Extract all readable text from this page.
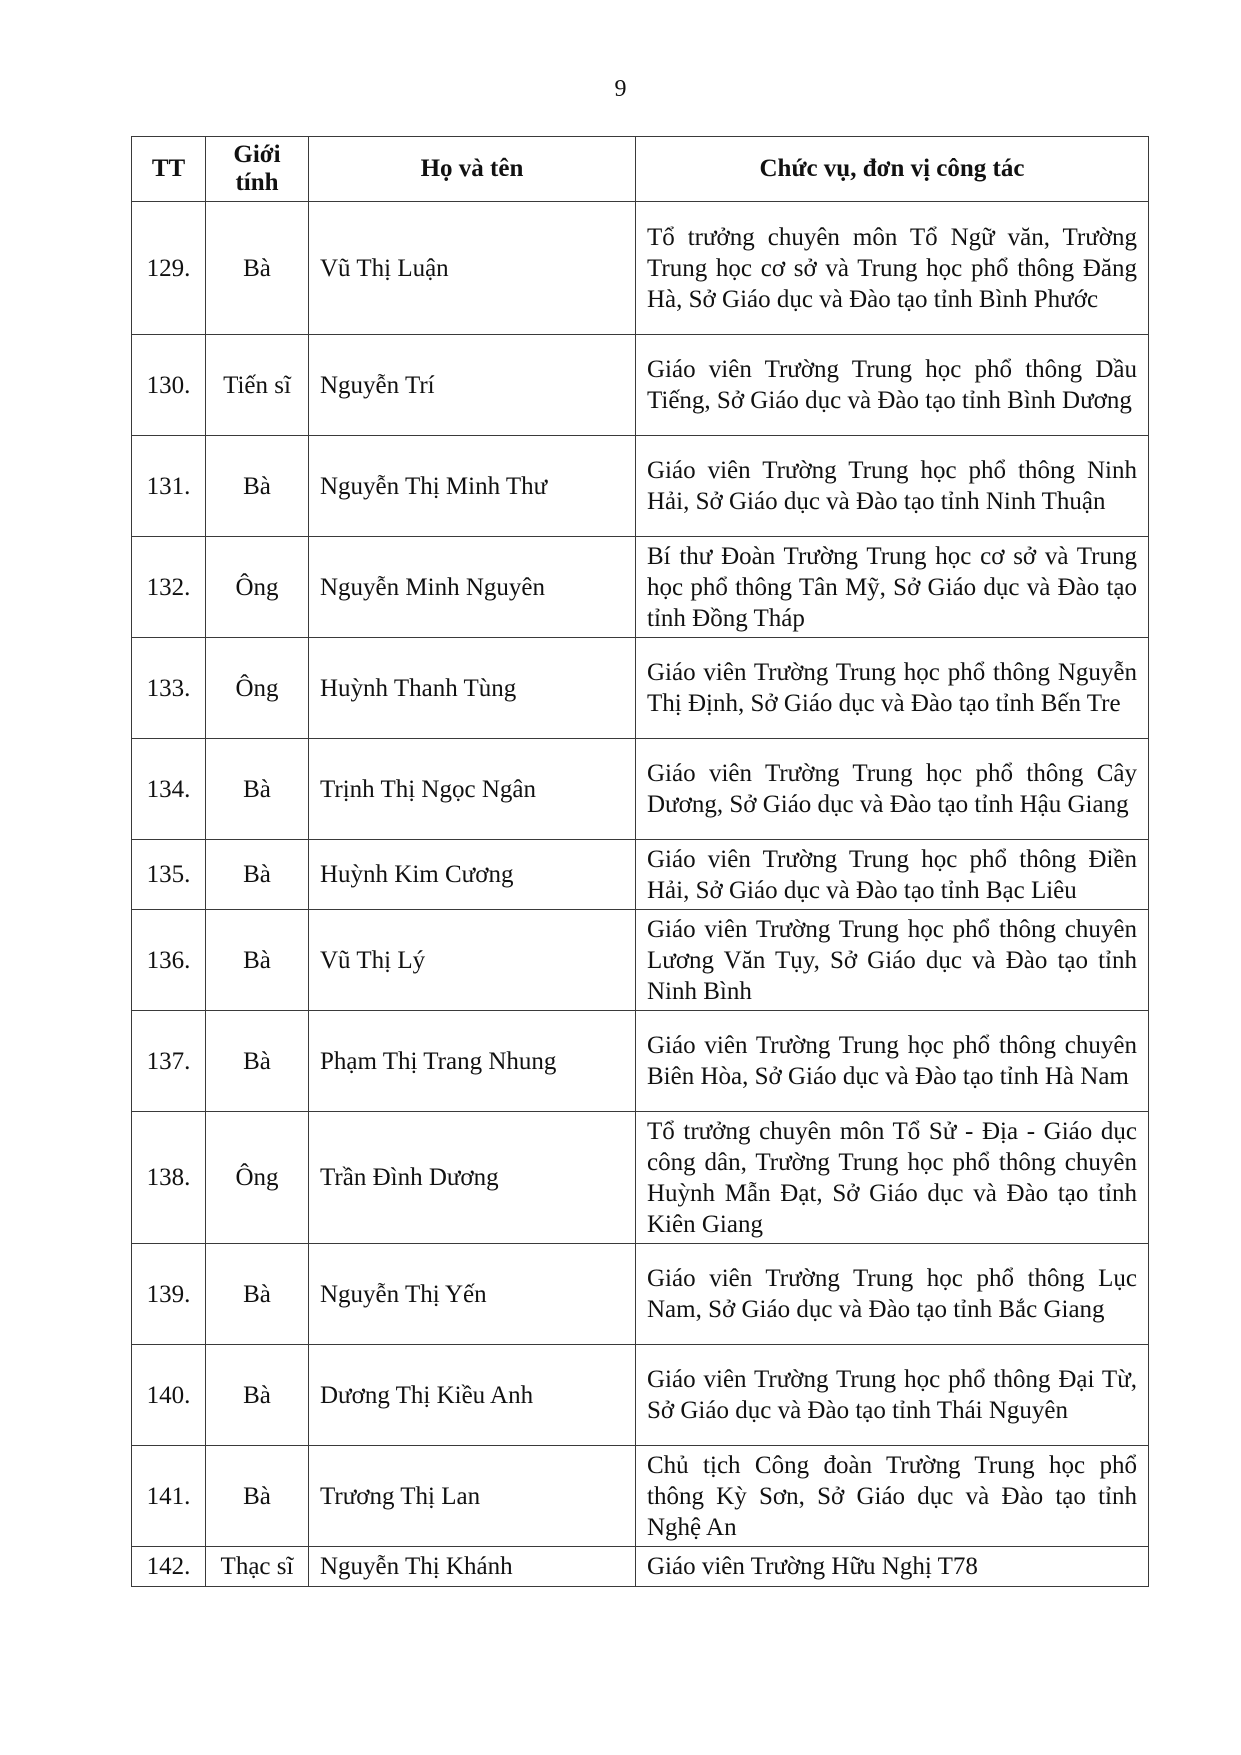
9
TT	Giới tính	Họ và tên	Chức vụ, đơn vị công tác
129.	Bà	Vũ Thị Luận	Tổ trưởng chuyên môn Tổ Ngữ văn, Trường Trung học cơ sở và Trung học phổ thông Đăng Hà, Sở Giáo dục và Đào tạo tỉnh Bình Phước
130.	Tiến sĩ	Nguyễn Trí	Giáo viên Trường Trung học phổ thông Dầu Tiếng, Sở Giáo dục và Đào tạo tỉnh Bình Dương
131.	Bà	Nguyễn Thị Minh Thư	Giáo viên Trường Trung học phổ thông Ninh Hải, Sở Giáo dục và Đào tạo tỉnh Ninh Thuận
132.	Ông	Nguyễn Minh Nguyên	Bí thư Đoàn Trường Trung học cơ sở và Trung học phổ thông Tân Mỹ, Sở Giáo dục và Đào tạo tỉnh Đồng Tháp
133.	Ông	Huỳnh Thanh Tùng	Giáo viên Trường Trung học phổ thông Nguyễn Thị Định, Sở Giáo dục và Đào tạo tỉnh Bến Tre
134.	Bà	Trịnh Thị Ngọc Ngân	Giáo viên Trường Trung học phổ thông Cây Dương, Sở Giáo dục và Đào tạo tỉnh Hậu Giang
135.	Bà	Huỳnh Kim Cương	Giáo viên Trường Trung học phổ thông Điền Hải, Sở Giáo dục và Đào tạo tỉnh Bạc Liêu
136.	Bà	Vũ Thị Lý	Giáo viên Trường Trung học phổ thông chuyên Lương Văn Tụy, Sở Giáo dục và Đào tạo tỉnh Ninh Bình
137.	Bà	Phạm Thị Trang Nhung	Giáo viên Trường Trung học phổ thông chuyên Biên Hòa, Sở Giáo dục và Đào tạo tỉnh Hà Nam
138.	Ông	Trần Đình Dương	Tổ trưởng chuyên môn Tổ Sử - Địa - Giáo dục công dân, Trường Trung học phổ thông chuyên Huỳnh Mẫn Đạt, Sở Giáo dục và Đào tạo tỉnh Kiên Giang
139.	Bà	Nguyễn Thị Yến	Giáo viên Trường Trung học phổ thông Lục Nam, Sở Giáo dục và Đào tạo tỉnh Bắc Giang
140.	Bà	Dương Thị Kiều Anh	Giáo viên Trường Trung học phổ thông Đại Từ, Sở Giáo dục và Đào tạo tỉnh Thái Nguyên
141.	Bà	Trương Thị Lan	Chủ tịch Công đoàn Trường Trung học phổ thông Kỳ Sơn, Sở Giáo dục và Đào tạo tỉnh Nghệ An
142.	Thạc sĩ	Nguyễn Thị Khánh	Giáo viên Trường Hữu Nghị T78
